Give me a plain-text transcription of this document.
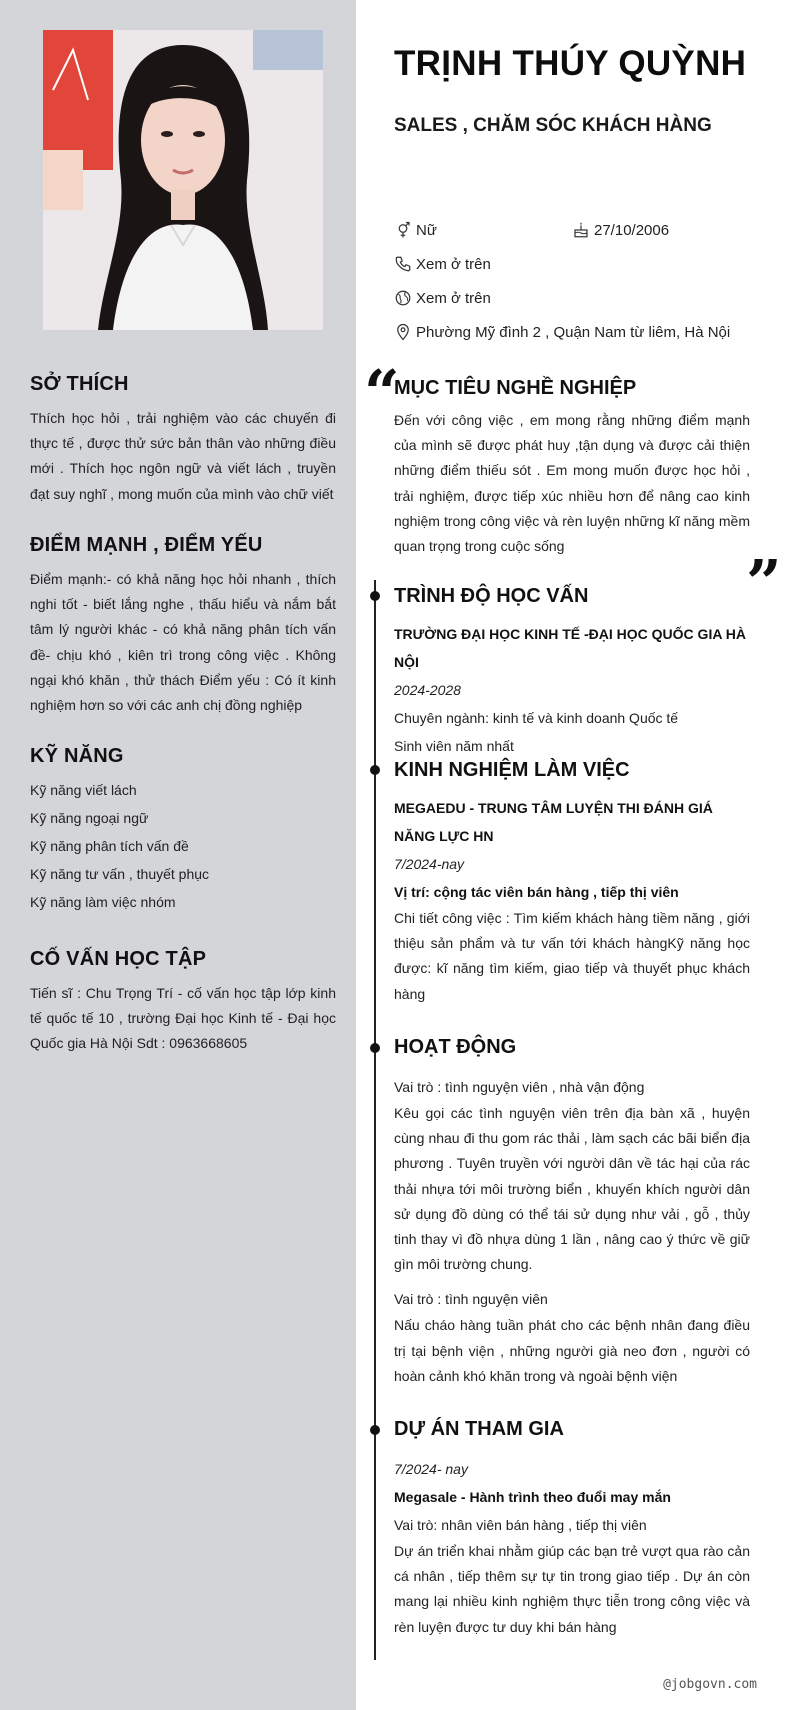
SỞ THÍCH
Thích học hỏi , trải nghiệm vào các chuyến đi thực tế , được thử sức bản thân vào những điều mới . Thích học ngôn ngữ và viết lách , truyền đạt suy nghĩ , mong muốn của mình vào chữ viết
ĐIỂM MẠNH , ĐIỂM YẾU
Điểm mạnh:- có khả năng học hỏi nhanh , thích nghi tốt - biết lắng nghe , thấu hiểu và nắm bắt tâm lý người khác - có khả năng phân tích vấn đề- chịu khó , kiên trì trong công việc . Không ngại khó khăn , thử thách Điểm yếu : Có ít kinh nghiệm hơn so với các anh chị đồng nghiệp
KỸ NĂNG
Kỹ năng viết lách
Kỹ năng ngoại ngữ
Kỹ năng phân tích vấn đề
Kỹ năng tư vấn , thuyết phục
Kỹ năng làm việc nhóm
CỐ VẤN HỌC TẬP
Tiến sĩ : Chu Trọng Trí - cố vấn học tập lớp kinh tế quốc tế 10 , trường Đại học Kinh tế - Đại học Quốc gia Hà Nội Sdt : 0963668605
TRỊNH THÚY QUỲNH
SALES , CHĂM SÓC KHÁCH HÀNG
Nữ	27/10/2006
Xem ở trên
Xem ở trên
Phường Mỹ đình 2 , Quận Nam từ liêm, Hà Nội
“
”
MỤC TIÊU NGHỀ NGHIỆP
Đến với công việc , em mong rằng những điểm mạnh của mình sẽ được phát huy ,tận dụng và được cải thiện những điểm thiếu sót . Em mong muốn được học hỏi , trải nghiệm, được tiếp xúc nhiều hơn để nâng cao kinh nghiệm trong công việc và rèn luyện những kĩ năng mềm quan trọng trong cuộc sống
TRÌNH ĐỘ HỌC VẤN
TRƯỜNG ĐẠI HỌC KINH TẾ -ĐẠI HỌC QUỐC GIA HÀ NỘI
2024-2028
Chuyên ngành: kinh tế và kinh doanh Quốc tế
Sinh viên năm nhất
KINH NGHIỆM LÀM VIỆC
MEGAEDU - TRUNG TÂM LUYỆN THI ĐÁNH GIÁ NĂNG LỰC HN
7/2024-nay
Vị trí: cộng tác viên bán hàng , tiếp thị viên
Chi tiết công việc : Tìm kiếm khách hàng tiềm năng , giới thiệu sản phẩm và tư vấn tới khách hàngKỹ năng học được: kĩ năng tìm kiếm, giao tiếp và thuyết phục khách hàng
HOẠT ĐỘNG
Vai trò : tình nguyện viên , nhà vận động
Kêu gọi các tình nguyện viên trên địa bàn xã , huyện cùng nhau đi thu gom rác thải , làm sạch các bãi biển địa phương . Tuyên truyền với người dân về tác hại của rác thải nhựa tới môi trường biển , khuyến khích người dân sử dụng đồ dùng có thể tái sử dụng như vải , gỗ , thủy tinh thay vì đồ nhựa dùng 1 lần , nâng cao ý thức về giữ gìn môi trường chung.
Vai trò : tình nguyện viên
Nấu cháo hàng tuần phát cho các bệnh nhân đang điều trị tại bệnh viện , những người già neo đơn , người có hoàn cảnh khó khăn trong và ngoài bệnh viện
DỰ ÁN THAM GIA
7/2024- nay
Megasale - Hành trình theo đuổi may mắn
Vai trò: nhân viên bán hàng , tiếp thị viên
Dự án triển khai nhằm giúp các bạn trẻ vượt qua rào cản cá nhân , tiếp thêm sự tự tin trong giao tiếp . Dự án còn mang lại nhiều kinh nghiệm thực tiễn trong công việc và rèn luyện được tư duy khi bán hàng
@jobgovn.com
